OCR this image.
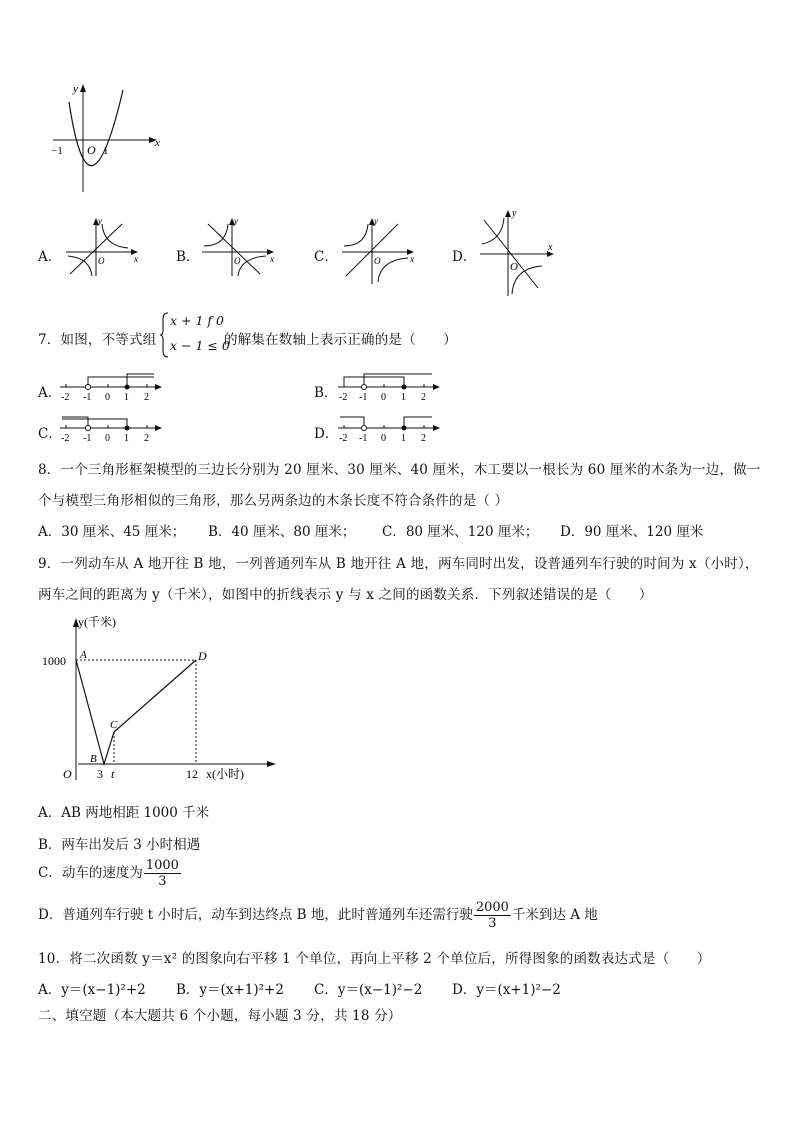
y
x
−1 O 1
A．
y
x
O	B．
y
x
O	C．
y
x
O	D．
y
x
O
7．如图，不等式组
x + 1 f 0
x − 1 ≤ 0
的解集在数轴上表示正确的是（　　）
A． -2 -1 0 1 2	B． -2 -1 0 1 2
C． -2 -1 0 1 2	D． -2 -1 0 1 2
8．一个三角形框架模型的三边长分别为 20 厘米、30 厘米、40 厘米，木工要以一根长为 60 厘米的木条为一边，做一
个与模型三角形相似的三角形，那么另两条边的木条长度不符合条件的是（ ）
A．30 厘米、45 厘米； B．40 厘米、80 厘米； C．80 厘米、120 厘米； D．90 厘米、120 厘米
9．一列动车从 A 地开往 B 地，一列普通列车从 B 地开往 A 地，两车同时出发，设普通列车行驶的时间为 x（小时），
两车之间的距离为 y（千米），如图中的折线表示 y 与 x 之间的函数关系．下列叙述错误的是（　　）
y(千米)
x(小时)
1000
O 3 t	12
A
B
C
D
A．AB 两地相距 1000 千米
B．两车出发后 3 小时相遇
C．动车的速度为 $\frac{1000}{3}$
D．普通列车行驶 t 小时后，动车到达终点 B 地，此时普通列车还需行驶 $\frac{2000}{3}$ 千米到达 A 地
10．将二次函数 y＝x² 的图象向右平移 1 个单位，再向上平移 2 个单位后，所得图象的函数表达式是（　　）
A．y＝(x−1)²+2 B．y＝(x+1)²+2 C．y＝(x−1)²−2 D．y＝(x+1)²−2
二、填空题（本大题共 6 个小题，每小题 3 分，共 18 分）
